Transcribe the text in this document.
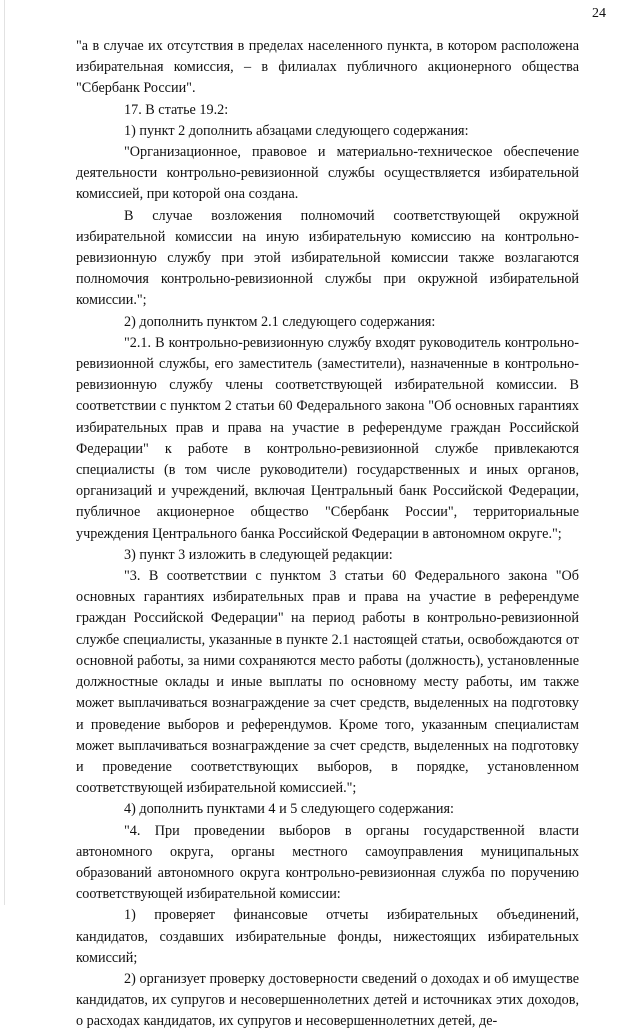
24

"а в случае их отсутствия в пределах населенного пункта, в котором расположена избирательная комиссия, – в филиалах публичного акционерного общества "Сбербанк России".

17. В статье 19.2:

1) пункт 2 дополнить абзацами следующего содержания:

"Организационное, правовое и материально-техническое обеспечение деятельности контрольно-ревизионной службы осуществляется избирательной комиссией, при которой она создана.

В случае возложения полномочий соответствующей окружной избирательной комиссии на иную избирательную комиссию на контрольно-ревизионную службу при этой избирательной комиссии также возлагаются полномочия контрольно-ревизионной службы при окружной избирательной комиссии.";

2) дополнить пунктом 2.1 следующего содержания:

"2.1. В контрольно-ревизионную службу входят руководитель контрольно-ревизионной службы, его заместитель (заместители), назначенные в контрольно-ревизионную службу члены соответствующей избирательной комиссии. В соответствии с пунктом 2 статьи 60 Федерального закона "Об основных гарантиях избирательных прав и права на участие в референдуме граждан Российской Федерации" к работе в контрольно-ревизионной службе привлекаются специалисты (в том числе руководители) государственных и иных органов, организаций и учреждений, включая Центральный банк Российской Федерации, публичное акционерное общество "Сбербанк России", территориальные учреждения Центрального банка Российской Федерации в автономном округе.";

3) пункт 3 изложить в следующей редакции:

"3. В соответствии с пунктом 3 статьи 60 Федерального закона "Об основных гарантиях избирательных прав и права на участие в референдуме граждан Российской Федерации" на период работы в контрольно-ревизионной службе специалисты, указанные в пункте 2.1 настоящей статьи, освобождаются от основной работы, за ними сохраняются место работы (должность), установленные должностные оклады и иные выплаты по основному месту работы, им также может выплачиваться вознаграждение за счет средств, выделенных на подготовку и проведение выборов и референдумов. Кроме того, указанным специалистам может выплачиваться вознаграждение за счет средств, выделенных на подготовку и проведение соответствующих выборов, в порядке, установленном соответствующей избирательной комиссией.";

4) дополнить пунктами 4 и 5 следующего содержания:

"4. При проведении выборов в органы государственной власти автономного округа, органы местного самоуправления муниципальных образований автономного округа контрольно-ревизионная служба по поручению соответствующей избирательной комиссии:

1) проверяет финансовые отчеты избирательных объединений, кандидатов, создавших избирательные фонды, нижестоящих избирательных комиссий;

2) организует проверку достоверности сведений о доходах и об имуществе кандидатов, их супругов и несовершеннолетних детей и источниках этих доходов, о расходах кандидатов, их супругов и несовершеннолетних детей, де-
